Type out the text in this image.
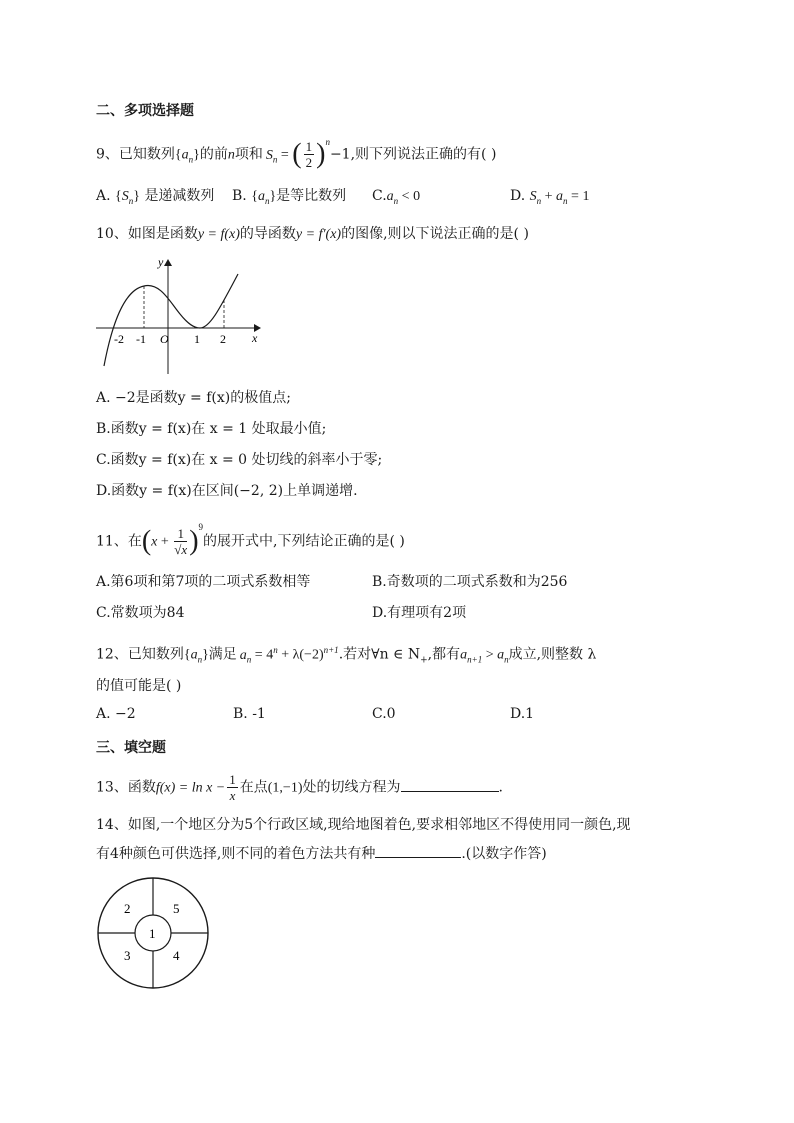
二、多项选择题
9、已知数列$\{a_n\}$的前n项和 $S_n$ = ( $\frac{1}{2} )^n-1$,则下列说法正确的有( )
A. $\{S_n\}$ 是递减数列 B. $\{a_n\}$是等比数列 $C.a_n < 0$	D. $S_n + a_n = 1$
10、如图是函数y = f(x)的导函数y = f′(x)的图像,则以下说法正确的是( )
y
x
O
-2 -1	1 2
A. −2是函数y = f(x)的极值点;
B.函数y = f(x)在 x = 1 处取最小值;
C.函数y = f(x)在 x = 0 处切线的斜率小于零;
D.函数y = f(x)在区间(−2, 2)上单调递增.
11、在$(x + \frac{1}{√x} )^9$的展开式中,下列结论正确的是( )
A.第6项和第7项的二项式系数相等	B.奇数项的二项式系数和为256
C.常数项为84	D.有理项有2项
12、已知数列$\{a_n\}$满足 $a_n = 4^n + \lambda(-2)^{n+1}$.若对∀n ∈ $N_+$,都有$a_{n+1} > a_n$成立,则整数 λ
的值可能是( )
A. −2	B. -1	C.0	D.1
三、填空题
13、函数$f(x) = \ln x - \frac{1}{x}$ 在点(1,−1)处的切线方程为	.
14、如图,一个地区分为5个行政区域,现给地图着色,要求相邻地区不得使用同一颜色,现
有4种颜色可供选择,则不同的着色方法共有种	.(以数字作答)
1
2
3	4
5
